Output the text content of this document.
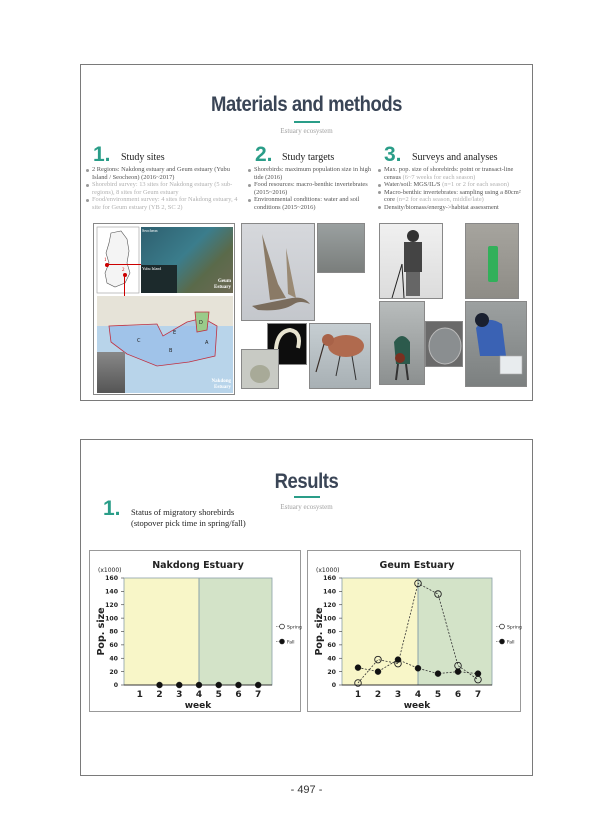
Materials and methods
Estuary ecosystem
1. Study sites
2 Regions: Nakdong estuary and Geum estuary (Yubu Island / Seocheon) (2016~2017)
Shorebird survey: 13 sites for Nakdong estuary (5 sub-regions), 8 sites for Geum estuary
Food/environment survey: 4 sites for Nakdong estuary, 4 site for Geum estuary (YB 2, SC 2)
2. Study targets
Shorebirds: maximum population size in high tide (2016)
Food resources: macro-benthic invertebrates (2015~2016)
Environmental conditions: water and soil conditions (2015~2016)
3. Surveys and analyses
Max. pop. size of shorebirds: point or transact-line census (6~7 weeks for each season)
Water/soil: MGS/IL/S (n=1 or 2 for each season)
Macro-benthic invertebrates: sampling using a 80cm² core (n=2 for each season, middle/late)
Density/biomass/energy->habitat assessment
1
2
Seocheon
Yubu Island
Geum Estuary
C
B
E
D
A
Nakdong Estuary
Results
Estuary ecosystem
1. Status of migratory shorebirds
(stopover pick time in spring/fall)
Nakdong Estuary
(x1000)
0
20
40
60
80
100
120
140
160
Pop. size
1 2 3 4 5 6 7
week
Spring
Fall
Geum Estuary
(x1000)
0
20
40
60
80
100
120
140
160
Pop. size
1 2 3 4 5 6 7
week
Spring
Fall
- 497 -
